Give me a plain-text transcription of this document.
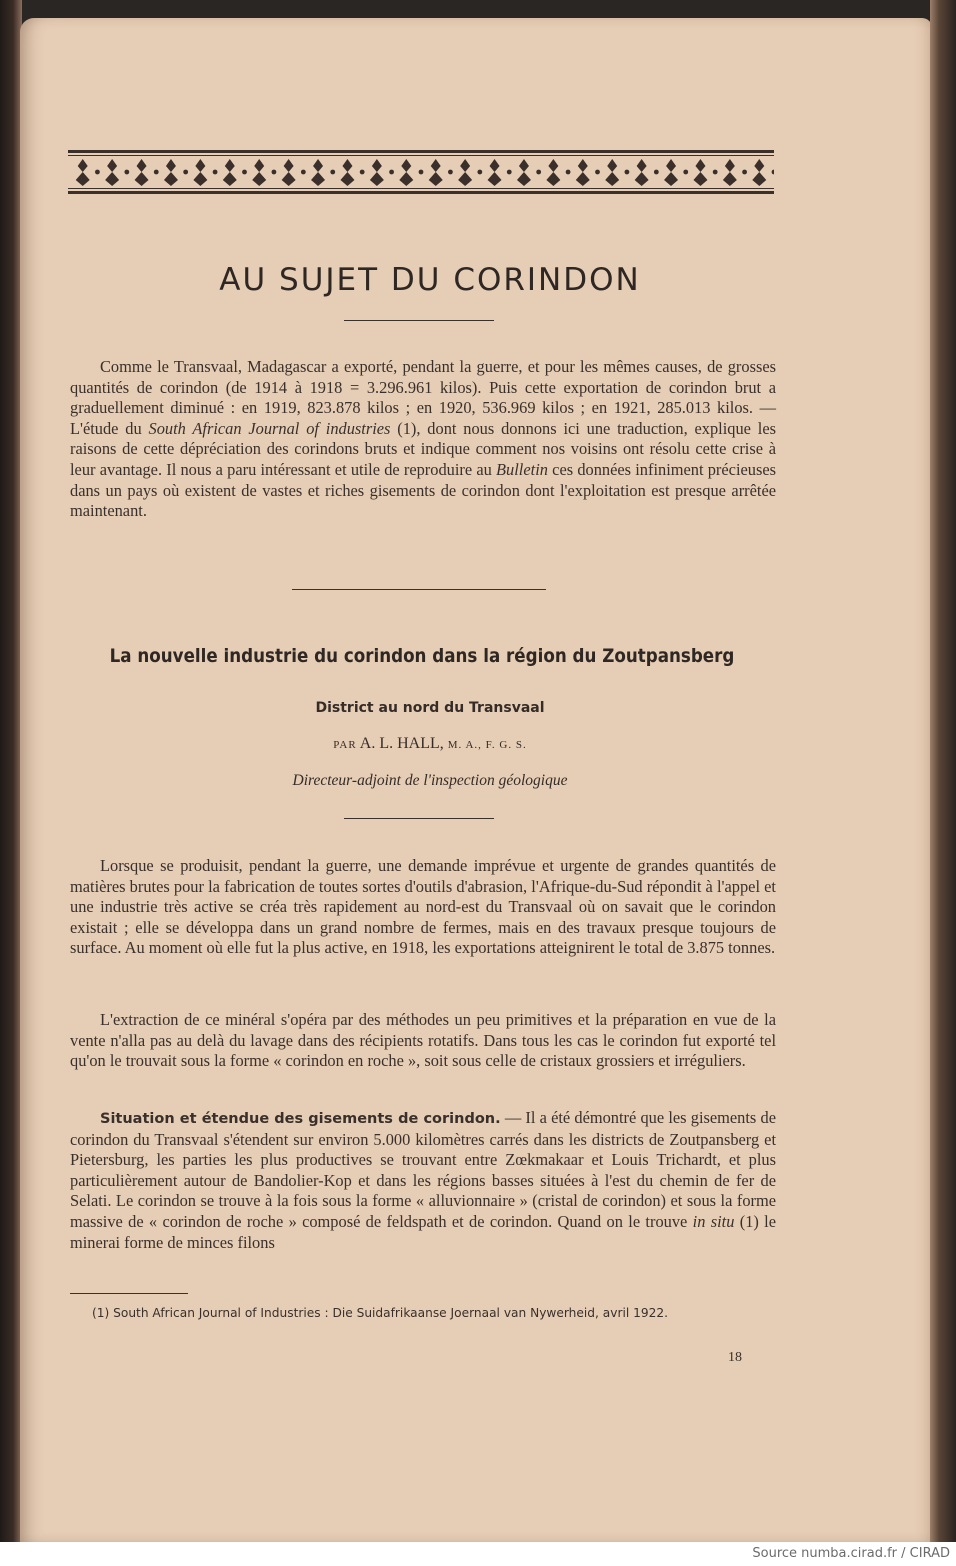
AU SUJET DU CORINDON

Comme le Transvaal, Madagascar a exporté, pendant la guerre, et pour les mêmes causes, de grosses quantités de corindon (de 1914 à 1918 = 3.296.961 kilos). Puis cette exportation de corindon brut a graduellement diminué : en 1919, 823.878 kilos ; en 1920, 536.969 kilos ; en 1921, 285.013 kilos. — L'étude du South African Journal of industries (1), dont nous donnons ici une traduction, explique les raisons de cette dépréciation des corindons bruts et indique comment nos voisins ont résolu cette crise à leur avantage. Il nous a paru intéressant et utile de reproduire au Bulletin ces données infiniment précieuses dans un pays où existent de vastes et riches gisements de corindon dont l'exploitation est presque arrêtée maintenant.

La nouvelle industrie du corindon dans la région du Zoutpansberg
District au nord du Transvaal
PAR A. L. HALL, M. A., F. G. S.
Directeur-adjoint de l'inspection géologique

Lorsque se produisit, pendant la guerre, une demande imprévue et urgente de grandes quantités de matières brutes pour la fabrication de toutes sortes d'outils d'abrasion, l'Afrique-du-Sud répondit à l'appel et une industrie très active se créa très rapidement au nord-est du Transvaal où on savait que le corindon existait ; elle se développa dans un grand nombre de fermes, mais en des travaux presque toujours de surface. Au moment où elle fut la plus active, en 1918, les exportations atteignirent le total de 3.875 tonnes.

L'extraction de ce minéral s'opéra par des méthodes un peu primitives et la préparation en vue de la vente n'alla pas au delà du lavage dans des récipients rotatifs. Dans tous les cas le corindon fut exporté tel qu'on le trouvait sous la forme « corindon en roche », soit sous celle de cristaux grossiers et irréguliers.

Situation et étendue des gisements de corindon. — Il a été démontré que les gisements de corindon du Transvaal s'étendent sur environ 5.000 kilomètres carrés dans les districts de Zoutpansberg et Pietersburg, les parties les plus productives se trouvant entre Zœkmakaar et Louis Trichardt, et plus particulièrement autour de Bandolier-Kop et dans les régions basses situées à l'est du chemin de fer de Selati. Le corindon se trouve à la fois sous la forme « alluvionnaire » (cristal de corindon) et sous la forme massive de « corindon de roche » composé de feldspath et de corindon. Quand on le trouve in situ (1) le minerai forme de minces filons

(1) South African Journal of Industries : Die Suidafrikaanse Joernaal van Nywerheid, avril 1922.

18
Source numba.cirad.fr / CIRAD
